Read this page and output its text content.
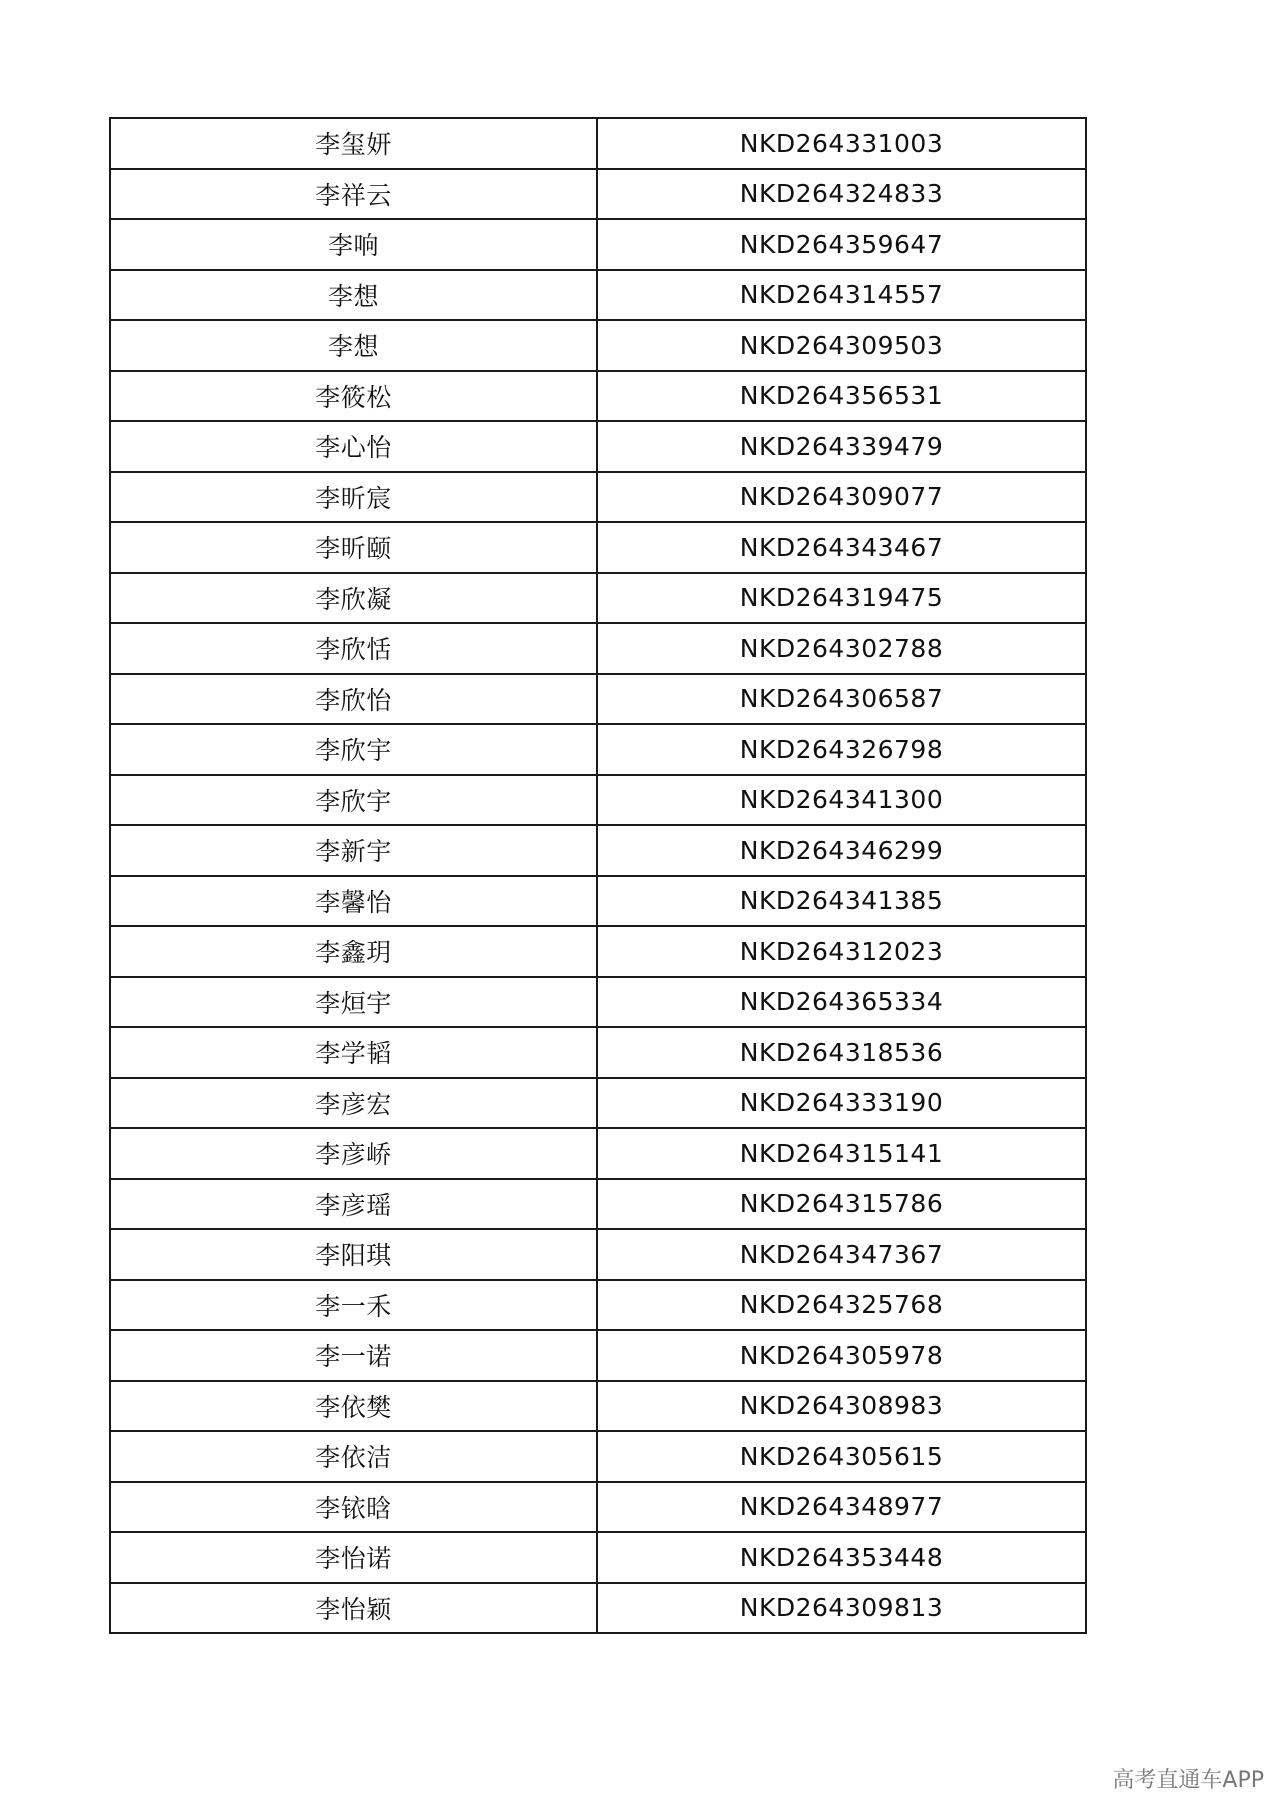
李玺妍	NKD264331003
李祥云	NKD264324833
李响	NKD264359647
李想	NKD264314557
李想	NKD264309503
李筱松	NKD264356531
李心怡	NKD264339479
李昕宸	NKD264309077
李昕颐	NKD264343467
李欣凝	NKD264319475
李欣恬	NKD264302788
李欣怡	NKD264306587
李欣宇	NKD264326798
李欣宇	NKD264341300
李新宇	NKD264346299
李馨怡	NKD264341385
李鑫玥	NKD264312023
李烜宇	NKD264365334
李学韬	NKD264318536
李彦宏	NKD264333190
李彦峤	NKD264315141
李彦瑶	NKD264315786
李阳琪	NKD264347367
李一禾	NKD264325768
李一诺	NKD264305978
李依樊	NKD264308983
李依洁	NKD264305615
李铱晗	NKD264348977
李怡诺	NKD264353448
李怡颖	NKD264309813
高考直通车APP
